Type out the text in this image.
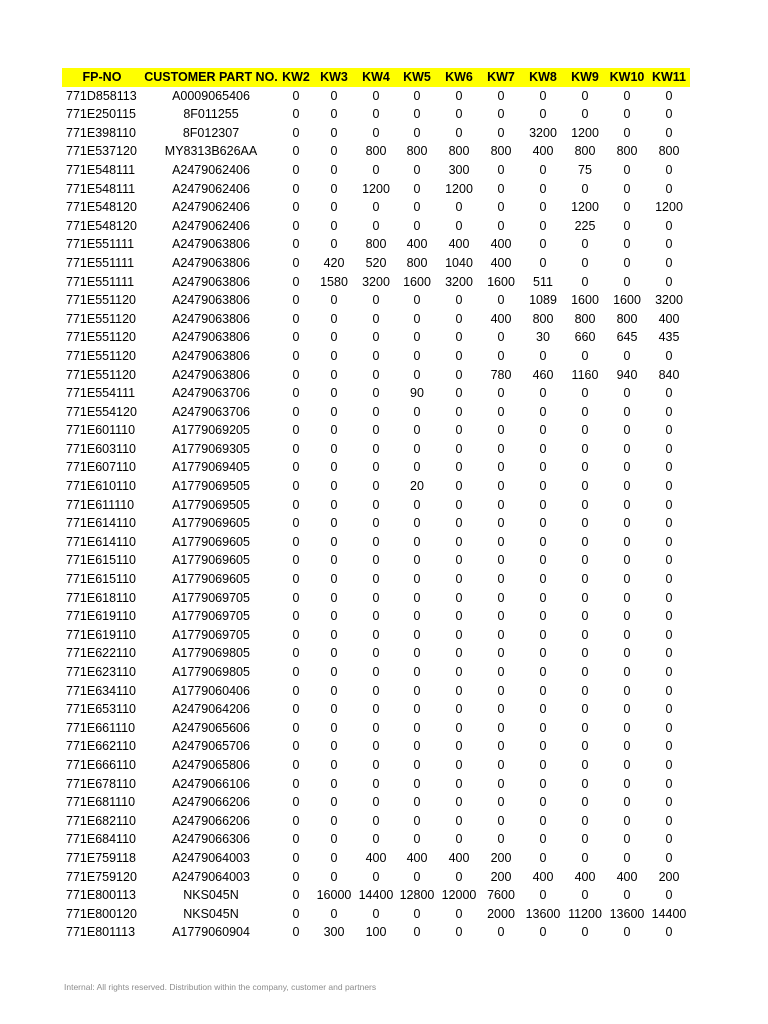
FP-NO	CUSTOMER PART NO.	KW2	KW3	KW4	KW5	KW6	KW7	KW8	KW9	KW10	KW11
771D858113	A0009065406	0	0	0	0	0	0	0	0	0	0
771E250115	8F011255	0	0	0	0	0	0	0	0	0	0
771E398110	8F012307	0	0	0	0	0	0	3200	1200	0	0
771E537120	MY8313B626AA	0	0	800	800	800	800	400	800	800	800
771E548111	A2479062406	0	0	0	0	300	0	0	75	0	0
771E548111	A2479062406	0	0	1200	0	1200	0	0	0	0	0
771E548120	A2479062406	0	0	0	0	0	0	0	1200	0	1200
771E548120	A2479062406	0	0	0	0	0	0	0	225	0	0
771E551111	A2479063806	0	0	800	400	400	400	0	0	0	0
771E551111	A2479063806	0	420	520	800	1040	400	0	0	0	0
771E551111	A2479063806	0	1580	3200	1600	3200	1600	511	0	0	0
771E551120	A2479063806	0	0	0	0	0	0	1089	1600	1600	3200
771E551120	A2479063806	0	0	0	0	0	400	800	800	800	400
771E551120	A2479063806	0	0	0	0	0	0	30	660	645	435
771E551120	A2479063806	0	0	0	0	0	0	0	0	0	0
771E551120	A2479063806	0	0	0	0	0	780	460	1160	940	840
771E554111	A2479063706	0	0	0	90	0	0	0	0	0	0
771E554120	A2479063706	0	0	0	0	0	0	0	0	0	0
771E601110	A1779069205	0	0	0	0	0	0	0	0	0	0
771E603110	A1779069305	0	0	0	0	0	0	0	0	0	0
771E607110	A1779069405	0	0	0	0	0	0	0	0	0	0
771E610110	A1779069505	0	0	0	20	0	0	0	0	0	0
771E611110	A1779069505	0	0	0	0	0	0	0	0	0	0
771E614110	A1779069605	0	0	0	0	0	0	0	0	0	0
771E614110	A1779069605	0	0	0	0	0	0	0	0	0	0
771E615110	A1779069605	0	0	0	0	0	0	0	0	0	0
771E615110	A1779069605	0	0	0	0	0	0	0	0	0	0
771E618110	A1779069705	0	0	0	0	0	0	0	0	0	0
771E619110	A1779069705	0	0	0	0	0	0	0	0	0	0
771E619110	A1779069705	0	0	0	0	0	0	0	0	0	0
771E622110	A1779069805	0	0	0	0	0	0	0	0	0	0
771E623110	A1779069805	0	0	0	0	0	0	0	0	0	0
771E634110	A1779060406	0	0	0	0	0	0	0	0	0	0
771E653110	A2479064206	0	0	0	0	0	0	0	0	0	0
771E661110	A2479065606	0	0	0	0	0	0	0	0	0	0
771E662110	A2479065706	0	0	0	0	0	0	0	0	0	0
771E666110	A2479065806	0	0	0	0	0	0	0	0	0	0
771E678110	A2479066106	0	0	0	0	0	0	0	0	0	0
771E681110	A2479066206	0	0	0	0	0	0	0	0	0	0
771E682110	A2479066206	0	0	0	0	0	0	0	0	0	0
771E684110	A2479066306	0	0	0	0	0	0	0	0	0	0
771E759118	A2479064003	0	0	400	400	400	200	0	0	0	0
771E759120	A2479064003	0	0	0	0	0	200	400	400	400	200
771E800113	NKS045N	0	16000	14400	12800	12000	7600	0	0	0	0
771E800120	NKS045N	0	0	0	0	0	2000	13600	11200	13600	14400
771E801113	A1779060904	0	300	100	0	0	0	0	0	0	0
Internal: All rights reserved. Distribution within the company, customer and partners
